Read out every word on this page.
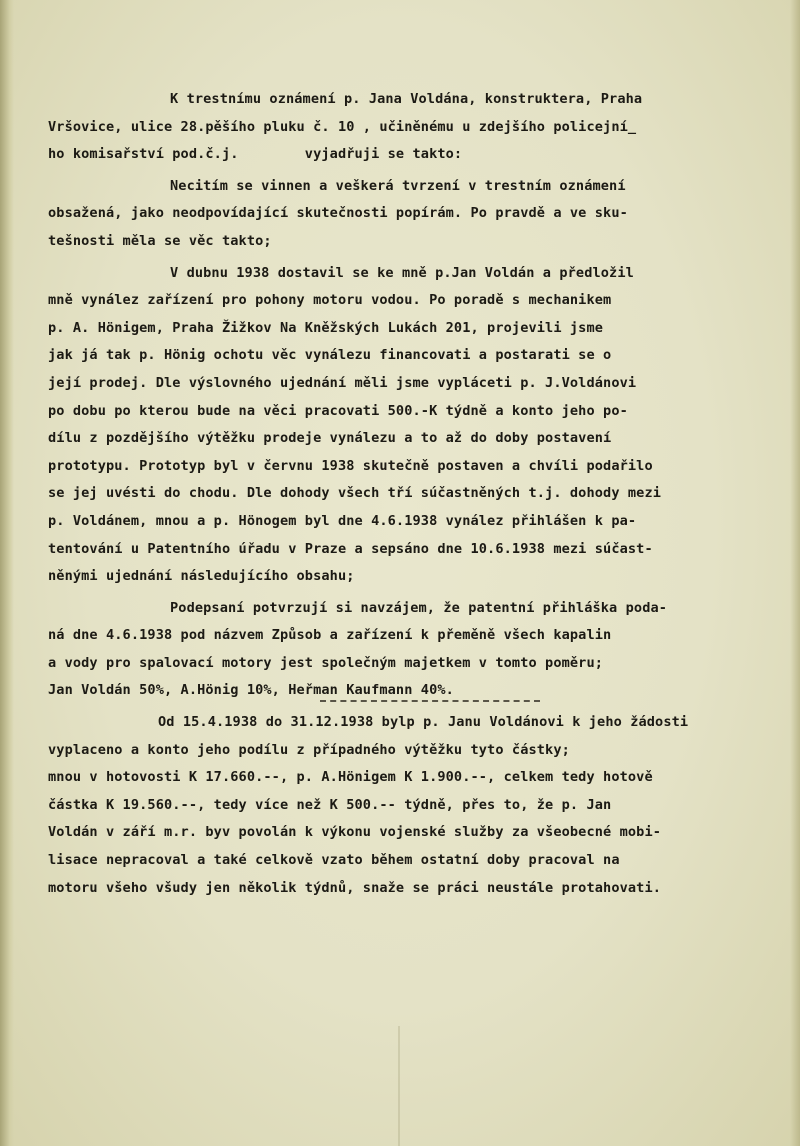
K trestnímu oznámení p. Jana Voldána, konstruktera, Praha
Vršovice, ulice 28.pěšího pluku č. 10 , učiněnému u zdejšího policejní_
ho komisařství pod.č.j.        vyjadřuji se takto:
Necitím se vinnen a veškerá tvrzení v trestním oznámení
obsažená, jako neodpovídající skutečnosti popírám. Po pravdě a ve sku-
tešnosti měla se věc takto;
V dubnu 1938 dostavil se ke mně p.Jan Voldán a předložil
mně vynález zařízení pro pohony motoru vodou. Po poradě s mechanikem
p. A. Hönigem, Praha Žižkov Na Kněžských Lukách 201, projevili jsme
jak já tak p. Hönig ochotu věc vynálezu financovati a postarati se o
její prodej. Dle výslovného ujednání měli jsme vypláceti p. J.Voldánovi
po dobu po kterou bude na věci pracovati 500.-K týdně a konto jeho po-
dílu z pozdějšího výtěžku prodeje vynálezu a to až do doby postavení
prototypu. Prototyp byl v červnu 1938 skutečně postaven a chvíli podařilo
se jej uvésti do chodu. Dle dohody všech tří súčastněných t.j. dohody mezi
p. Voldánem, mnou a p. Hönogem byl dne 4.6.1938 vynález přihlášen k pa-
tentování u Patentního úřadu v Praze a sepsáno dne 10.6.1938 mezi súčast-
něnými ujednání následujícího obsahu;
Podepsaní potvrzují si navzájem, že patentní přihláška poda-
ná dne 4.6.1938 pod názvem Způsob a zařízení k přeměně všech kapalin
a vody pro spalovací motory jest společným majetkem v tomto poměru;
Jan Voldán 50%, A.Hönig 10%, Heřman Kaufmann 40%.
Od 15.4.1938 do 31.12.1938 bylp p. Janu Voldánovi k jeho žádosti
vyplaceno a konto jeho podílu z případného výtěžku tyto částky;
mnou v hotovosti K 17.660.--, p. A.Hönigem K 1.900.--, celkem tedy hotově
částka K 19.560.--, tedy více než K 500.-- týdně, přes to, že p. Jan
Voldán v září m.r. byv povolán k výkonu vojenské služby za všeobecné mobi-
lisace nepracoval a také celkově vzato během ostatní doby pracoval na
motoru všeho všudy jen několik týdnů, snaže se práci neustále protahovati.
